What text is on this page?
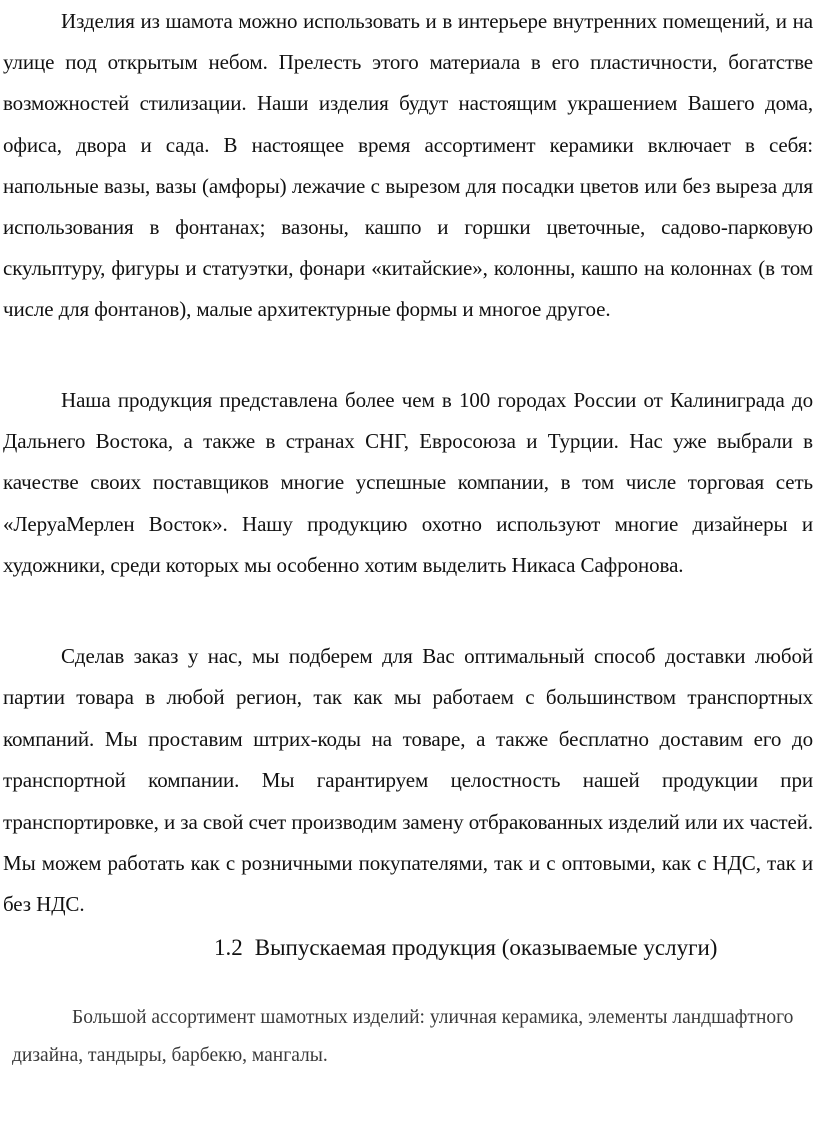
Изделия из шамота можно использовать и в интерьере внутренних помещений, и на улице под открытым небом. Прелесть этого материала в его пластичности, богатстве возможностей стилизации. Наши изделия будут настоящим украшением Вашего дома, офиса, двора и сада. В настоящее время ассортимент керамики включает в себя: напольные вазы, вазы (амфоры) лежачие с вырезом для посадки цветов или без выреза для использования в фонтанах; вазоны, кашпо и горшки цветочные, садово-парковую скульптуру, фигуры и статуэтки, фонари «китайские», колонны, кашпо на колоннах (в том числе для фонтанов), малые архитектурные формы и многое другое.

Наша продукция представлена более чем в 100 городах России от Калиниграда до Дальнего Востока, а также в странах СНГ, Евросоюза и Турции. Нас уже выбрали в качестве своих поставщиков многие успешные компании, в том числе торговая сеть «ЛеруаМерлен Восток». Нашу продукцию охотно используют многие дизайнеры и художники, среди которых мы особенно хотим выделить Никаса Сафронова.

Сделав заказ у нас, мы подберем для Вас оптимальный способ доставки любой партии товара в любой регион, так как мы работаем с большинством транспортных компаний. Мы проставим штрих-коды на товаре, а также бесплатно доставим его до транспортной компании. Мы гарантируем целостность нашей продукции при транспортировке, и за свой счет производим замену отбракованных изделий или их частей. Мы можем работать как с розничными покупателями, так и с оптовыми, как с НДС, так и без НДС.

1.2 Выпускаемая продукция (оказываемые услуги)

Большой ассортимент шамотных изделий: уличная керамика, элементы ландшафтного дизайна, тандыры, барбекю, мангалы.
